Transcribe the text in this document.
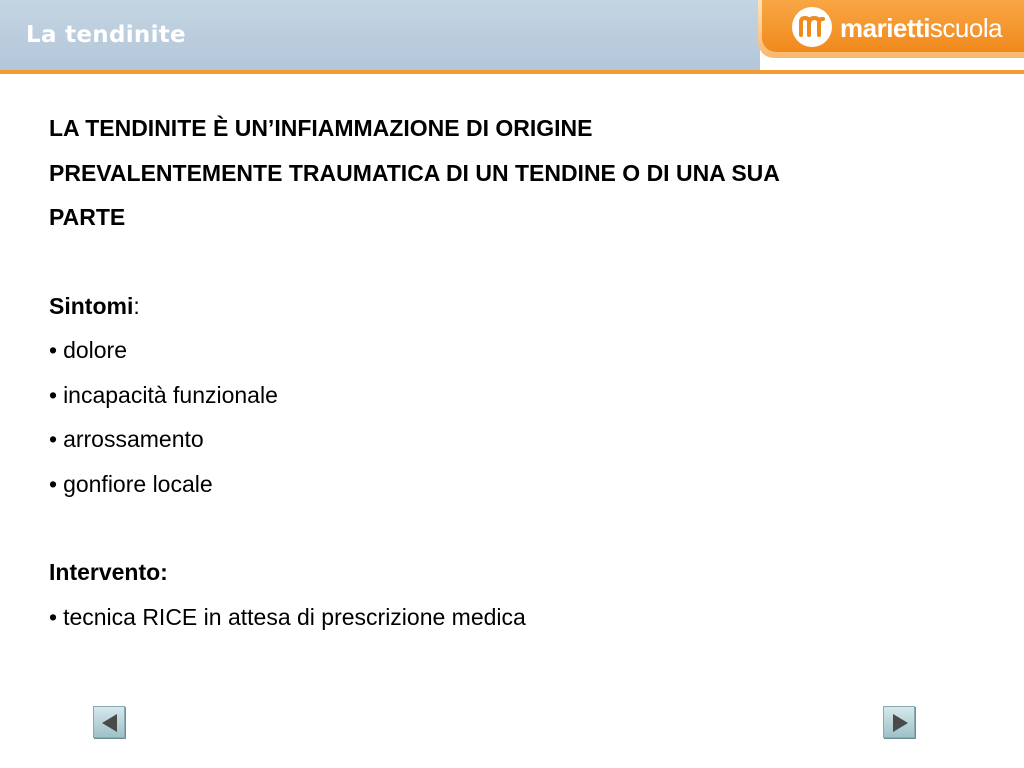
La tendinite	mariettiscuola
LA TENDINITE È UN’INFIAMMAZIONE DI ORIGINE
PREVALENTEMENTE TRAUMATICA DI UN TENDINE O DI UNA SUA
PARTE
Sintomi:
• dolore
• incapacità funzionale
• arrossamento
• gonfiore locale
Intervento:
• tecnica RICE in attesa di prescrizione medica
